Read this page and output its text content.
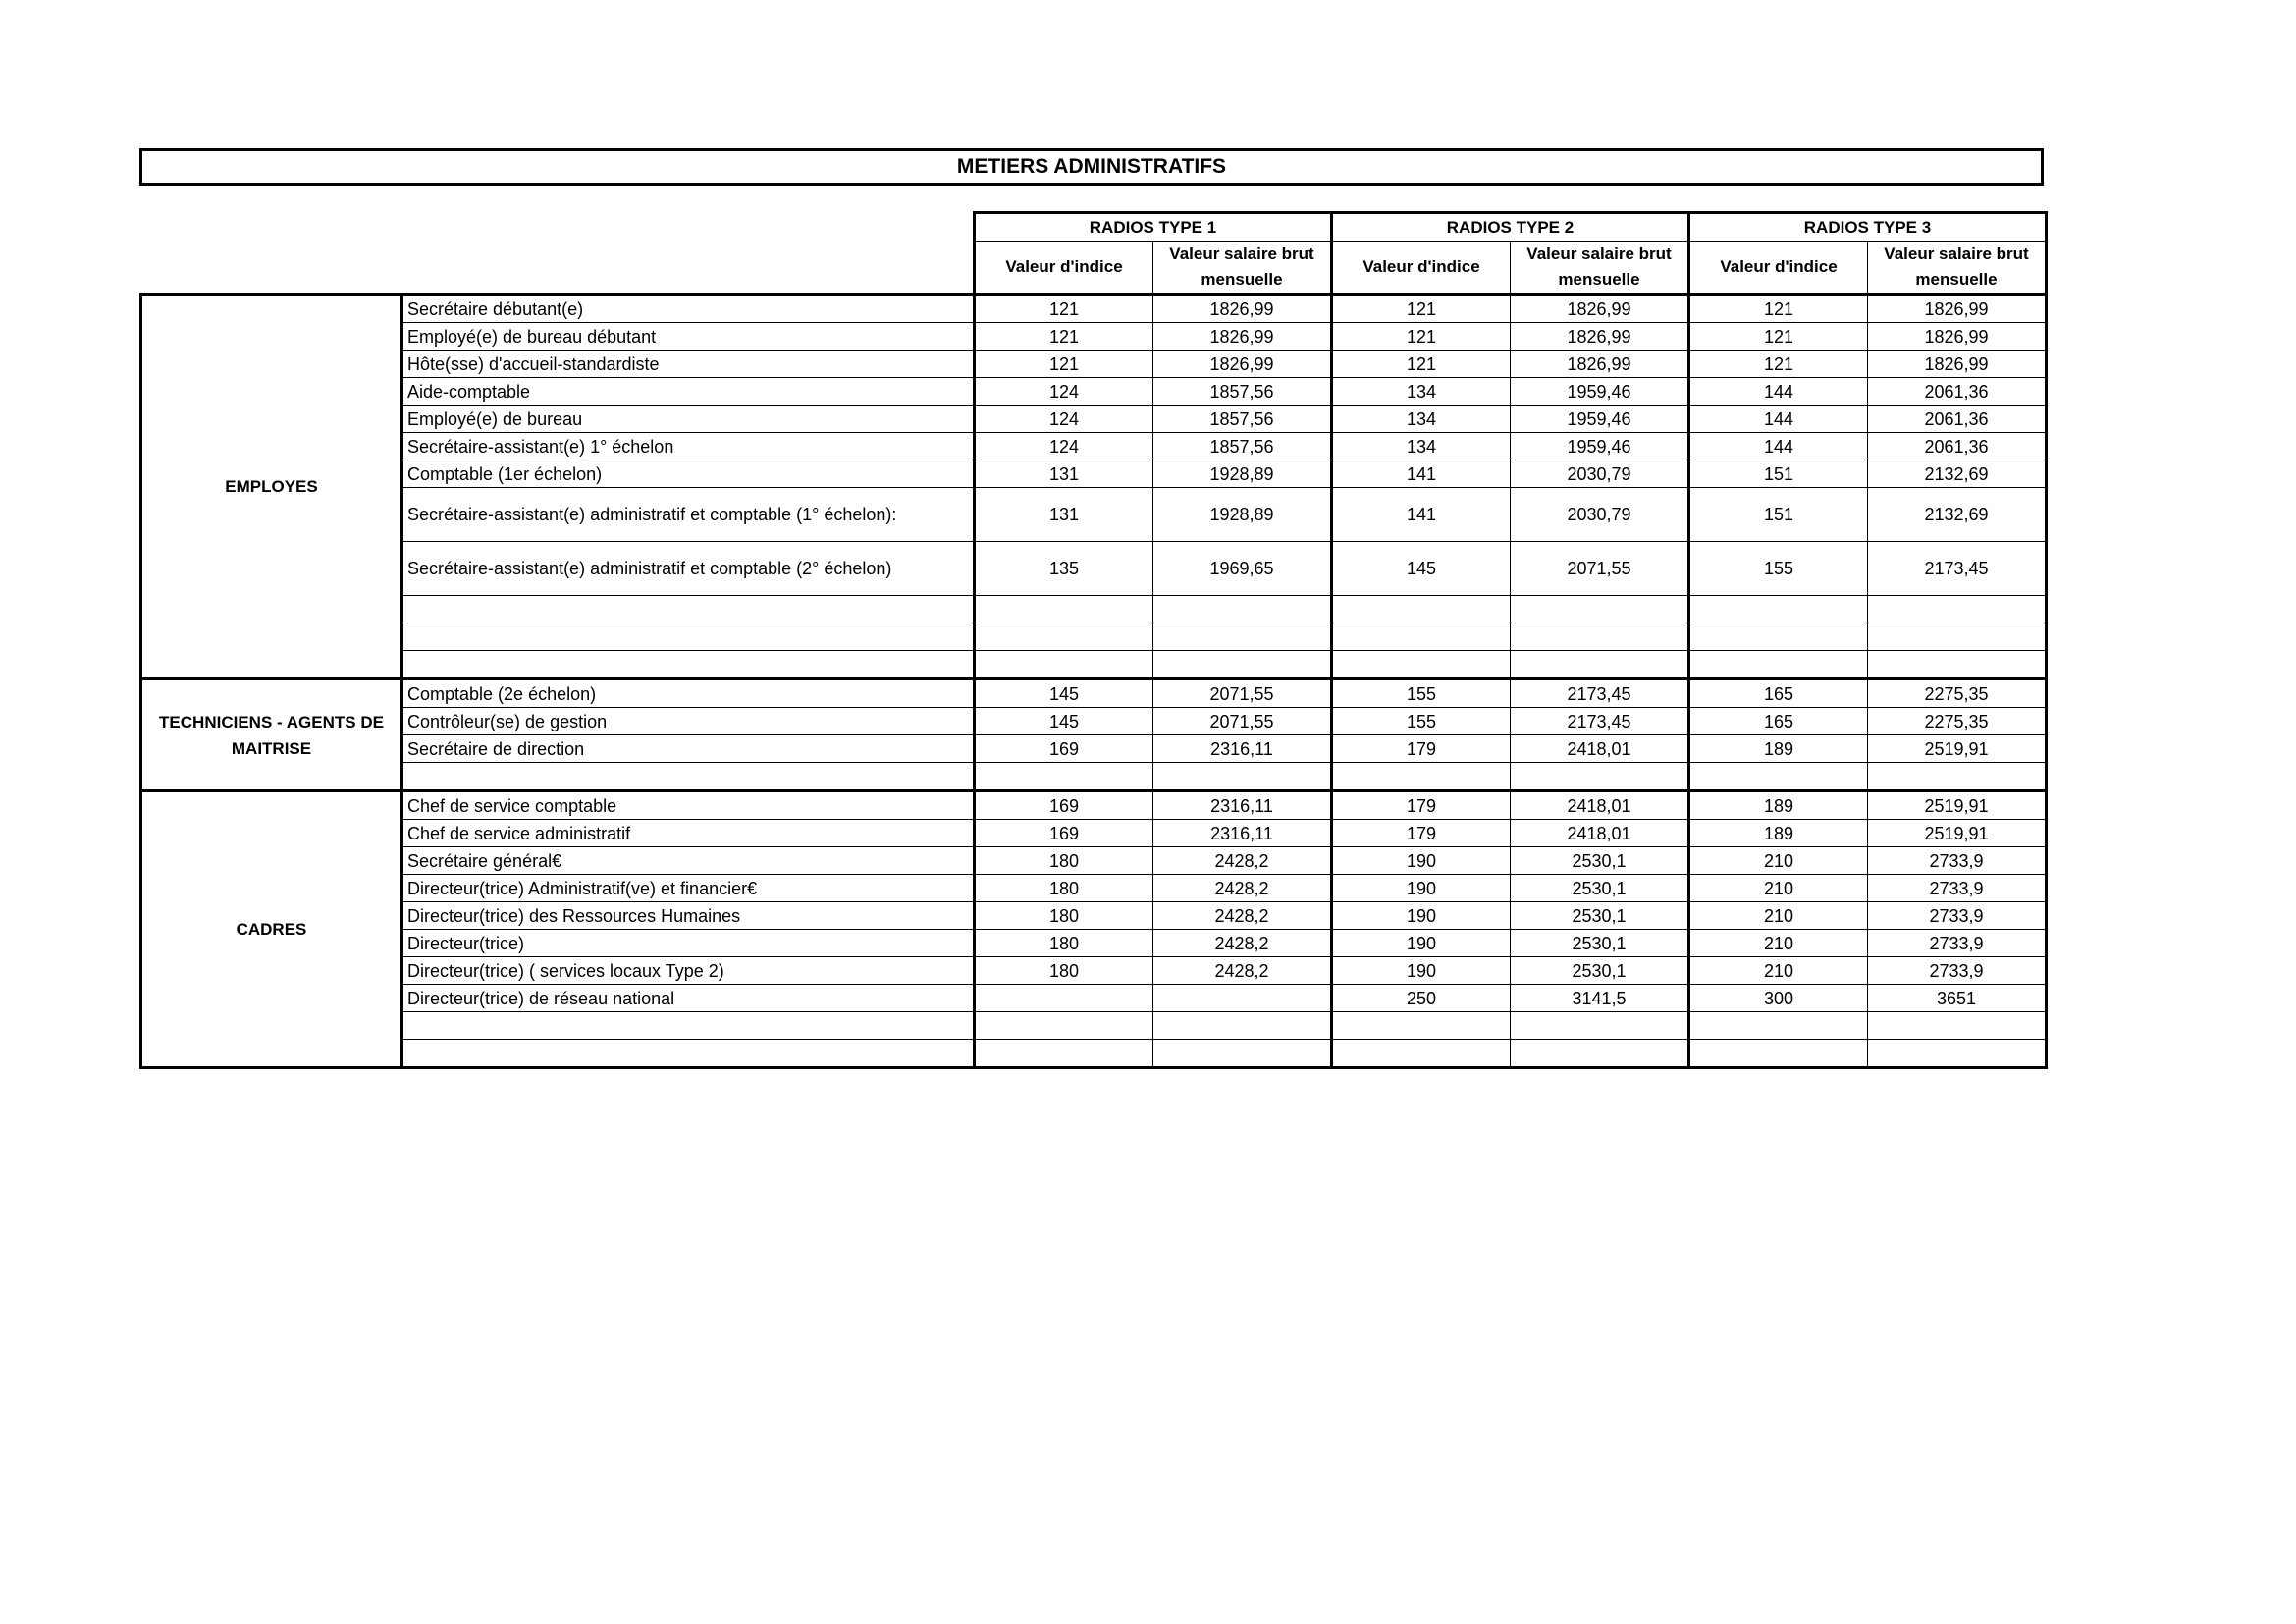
METIERS ADMINISTRATIFS
		RADIOS TYPE 1		RADIOS TYPE 2		RADIOS TYPE 3	
		Valeur d'indice	Valeur salaire brut mensuelle	Valeur d'indice	Valeur salaire brut mensuelle	Valeur d'indice	Valeur salaire brut mensuelle
EMPLOYES	Secrétaire débutant(e)	121	1826,99	121	1826,99	121	1826,99
	Employé(e) de bureau débutant	121	1826,99	121	1826,99	121	1826,99
	Hôte(sse) d'accueil-standardiste	121	1826,99	121	1826,99	121	1826,99
	Aide-comptable	124	1857,56	134	1959,46	144	2061,36
	Employé(e) de bureau	124	1857,56	134	1959,46	144	2061,36
	Secrétaire-assistant(e) 1° échelon	124	1857,56	134	1959,46	144	2061,36
	Comptable (1er échelon)	131	1928,89	141	2030,79	151	2132,69
	Secrétaire-assistant(e) administratif et comptable (1° échelon):	131	1928,89	141	2030,79	151	2132,69
	Secrétaire-assistant(e) administratif et comptable (2° échelon)	135	1969,65	145	2071,55	155	2173,45

TECHNICIENS - AGENTS DE MAITRISE	Comptable (2e échelon)	145	2071,55	155	2173,45	165	2275,35
	Contrôleur(se) de gestion	145	2071,55	155	2173,45	165	2275,35
	Secrétaire de direction	169	2316,11	179	2418,01	189	2519,91

CADRES	Chef de service comptable	169	2316,11	179	2418,01	189	2519,91
	Chef de service administratif	169	2316,11	179	2418,01	189	2519,91
	Secrétaire général€	180	2428,2	190	2530,1	210	2733,9
	Directeur(trice) Administratif(ve) et financier€	180	2428,2	190	2530,1	210	2733,9
	Directeur(trice) des Ressources Humaines	180	2428,2	190	2530,1	210	2733,9
	Directeur(trice)	180	2428,2	190	2530,1	210	2733,9
	Directeur(trice) ( services locaux Type 2)	180	2428,2	190	2530,1	210	2733,9
	Directeur(trice) de réseau national			250	3141,5	300	3651
